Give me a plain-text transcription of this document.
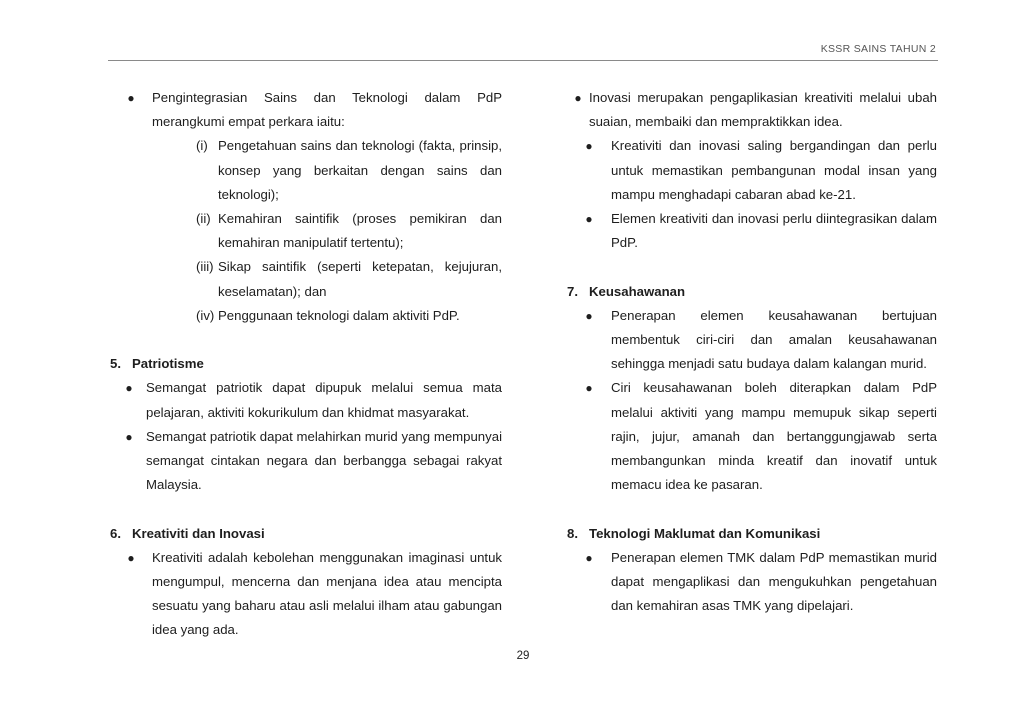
KSSR SAINS TAHUN 2
●	Pengintegrasian Sains dan Teknologi dalam PdP merangkumi empat perkara iaitu:
(i) Pengetahuan sains dan teknologi (fakta, prinsip, konsep yang berkaitan dengan sains dan teknologi);
(ii) Kemahiran saintifik (proses pemikiran dan kemahiran manipulatif tertentu);
(iii) Sikap saintifik (seperti ketepatan, kejujuran, keselamatan); dan
(iv) Penggunaan teknologi dalam aktiviti PdP.
5. Patriotisme
●	Semangat patriotik dapat dipupuk melalui semua mata pelajaran, aktiviti kokurikulum dan khidmat masyarakat.
●	Semangat patriotik dapat melahirkan murid yang mempunyai semangat cintakan negara dan berbangga sebagai rakyat Malaysia.
6. Kreativiti dan Inovasi
●	Kreativiti adalah kebolehan menggunakan imaginasi untuk mengumpul, mencerna dan menjana idea atau mencipta sesuatu yang baharu atau asli melalui ilham atau gabungan idea yang ada.
● Inovasi merupakan pengaplikasian kreativiti melalui ubah suaian, membaiki dan mempraktikkan idea.
●	Kreativiti dan inovasi saling bergandingan dan perlu untuk memastikan pembangunan modal insan yang mampu menghadapi cabaran abad ke-21.
●	Elemen kreativiti dan inovasi perlu diintegrasikan dalam PdP.
7. Keusahawanan
●	Penerapan elemen keusahawanan bertujuan membentuk ciri-ciri dan amalan keusahawanan sehingga menjadi satu budaya dalam kalangan murid.
●	Ciri keusahawanan boleh diterapkan dalam PdP melalui aktiviti yang mampu memupuk sikap seperti rajin, jujur, amanah dan bertanggungjawab serta membangunkan minda kreatif dan inovatif untuk memacu idea ke pasaran.
8. Teknologi Maklumat dan Komunikasi
●	Penerapan elemen TMK dalam PdP memastikan murid dapat mengaplikasi dan mengukuhkan pengetahuan dan kemahiran asas TMK yang dipelajari.
29
